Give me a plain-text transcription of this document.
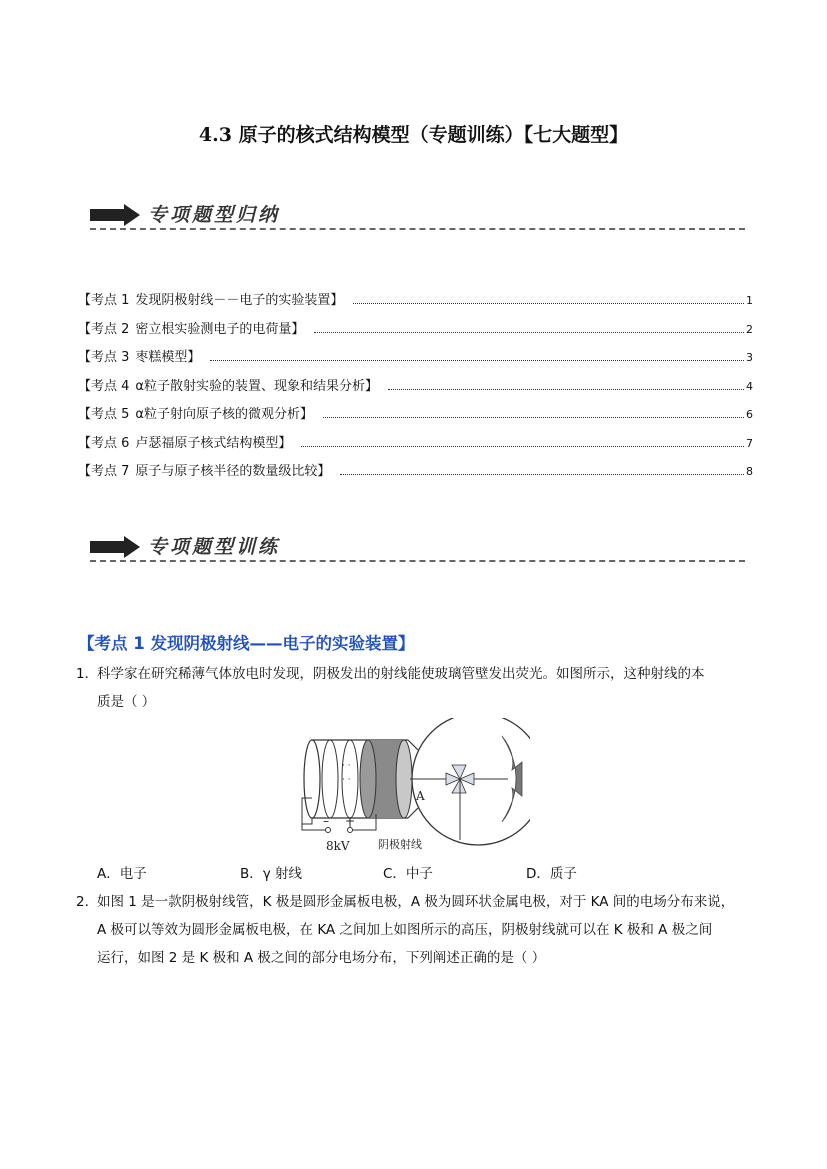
4.3 原子的核式结构模型（专题训练）【七大题型】
专项题型归纳
【考点 1 发现阴极射线－－电子的实验装置】	1
【考点 2 密立根实验测电子的电荷量】	2
【考点 3 枣糕模型】	3
【考点 4 α粒子散射实验的装置、现象和结果分析】	4
【考点 5 α粒子射向原子核的微观分析】	6
【考点 6 卢瑟福原子核式结构模型】	7
【考点 7 原子与原子核半径的数量级比较】	8
专项题型训练
【考点 1 发现阴极射线——电子的实验装置】
1．
科学家在研究稀薄气体放电时发现，阴极发出的射线能使玻璃管壁发出荧光。如图所示，这种射线的本
质是（ ）
· ·
· ·
A
– +
8kV	阴极射线
A．电子	B．γ 射线	C．中子	D．质子
2．
如图 1 是一款阴极射线管，K 极是圆形金属板电极，A 极为圆环状金属电极，对于 KA 间的电场分布来说，
A 极可以等效为圆形金属板电极，在 KA 之间加上如图所示的高压，阴极射线就可以在 K 极和 A 极之间
运行，如图 2 是 K 极和 A 极之间的部分电场分布，下列阐述正确的是（ ）
